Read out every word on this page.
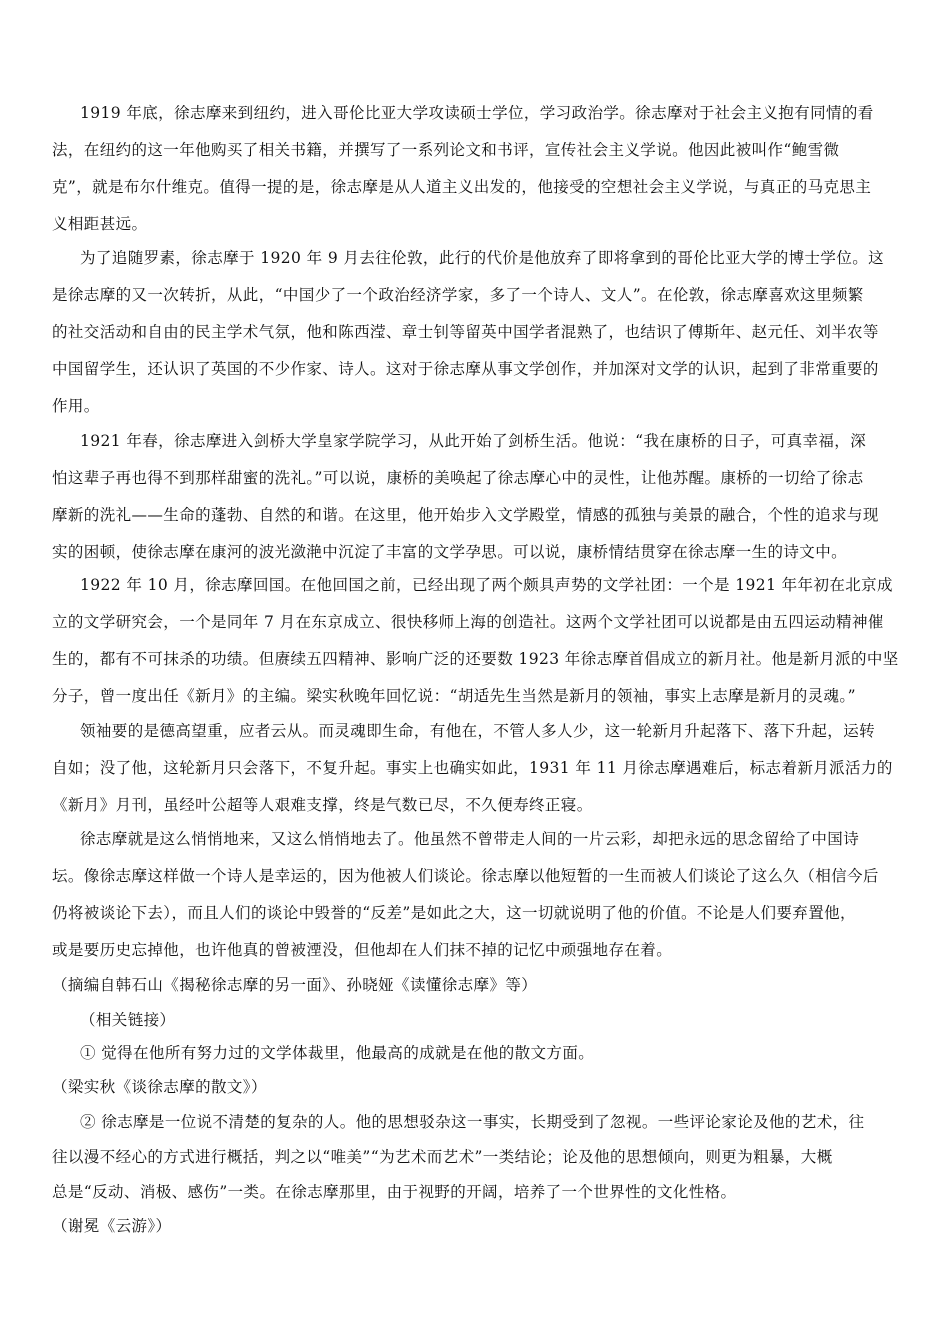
1919 年底，徐志摩来到纽约，进入哥伦比亚大学攻读硕士学位，学习政治学。徐志摩对于社会主义抱有同情的看
法，在纽约的这一年他购买了相关书籍，并撰写了一系列论文和书评，宣传社会主义学说。他因此被叫作“鲍雪微
克”，就是布尔什维克。值得一提的是，徐志摩是从人道主义出发的，他接受的空想社会主义学说，与真正的马克思主
义相距甚远。
为了追随罗素，徐志摩于 1920 年 9 月去往伦敦，此行的代价是他放弃了即将拿到的哥伦比亚大学的博士学位。这
是徐志摩的又一次转折，从此，“中国少了一个政治经济学家，多了一个诗人、文人”。在伦敦，徐志摩喜欢这里频繁
的社交活动和自由的民主学术气氛，他和陈西滢、章士钊等留英中国学者混熟了，也结识了傅斯年、赵元任、刘半农等
中国留学生，还认识了英国的不少作家、诗人。这对于徐志摩从事文学创作，并加深对文学的认识，起到了非常重要的
作用。
1921 年春，徐志摩进入剑桥大学皇家学院学习，从此开始了剑桥生活。他说：“我在康桥的日子，可真幸福，深
怕这辈子再也得不到那样甜蜜的洗礼。”可以说，康桥的美唤起了徐志摩心中的灵性，让他苏醒。康桥的一切给了徐志
摩新的洗礼——生命的蓬勃、自然的和谐。在这里，他开始步入文学殿堂，情感的孤独与美景的融合，个性的追求与现
实的困顿，使徐志摩在康河的波光潋滟中沉淀了丰富的文学孕思。可以说，康桥情结贯穿在徐志摩一生的诗文中。
1922 年 10 月，徐志摩回国。在他回国之前，已经出现了两个颇具声势的文学社团：一个是 1921 年年初在北京成
立的文学研究会，一个是同年 7 月在东京成立、很快移师上海的创造社。这两个文学社团可以说都是由五四运动精神催
生的，都有不可抹杀的功绩。但赓续五四精神、影响广泛的还要数 1923 年徐志摩首倡成立的新月社。他是新月派的中坚
分子，曾一度出任《新月》的主编。梁实秋晚年回忆说：“胡适先生当然是新月的领袖，事实上志摩是新月的灵魂。”
领袖要的是德高望重，应者云从。而灵魂即生命，有他在，不管人多人少，这一轮新月升起落下、落下升起，运转
自如；没了他，这轮新月只会落下，不复升起。事实上也确实如此，1931 年 11 月徐志摩遇难后，标志着新月派活力的
《新月》月刊，虽经叶公超等人艰难支撑，终是气数已尽，不久便寿终正寝。
徐志摩就是这么悄悄地来，又这么悄悄地去了。他虽然不曾带走人间的一片云彩，却把永远的思念留给了中国诗
坛。像徐志摩这样做一个诗人是幸运的，因为他被人们谈论。徐志摩以他短暂的一生而被人们谈论了这么久（相信今后
仍将被谈论下去），而且人们的谈论中毁誉的“反差”是如此之大，这一切就说明了他的价值。不论是人们要弃置他，
或是要历史忘掉他，也许他真的曾被湮没，但他却在人们抹不掉的记忆中顽强地存在着。
（摘编自韩石山《揭秘徐志摩的另一面》、孙晓娅《读懂徐志摩》等）
（相关链接）
① 觉得在他所有努力过的文学体裁里，他最高的成就是在他的散文方面。
（梁实秋《谈徐志摩的散文》）
② 徐志摩是一位说不清楚的复杂的人。他的思想驳杂这一事实，长期受到了忽视。一些评论家论及他的艺术，往
往以漫不经心的方式进行概括，判之以“唯美”“为艺术而艺术”一类结论；论及他的思想倾向，则更为粗暴，大概
总是“反动、消极、感伤”一类。在徐志摩那里，由于视野的开阔，培养了一个世界性的文化性格。
（谢冕《云游》）
